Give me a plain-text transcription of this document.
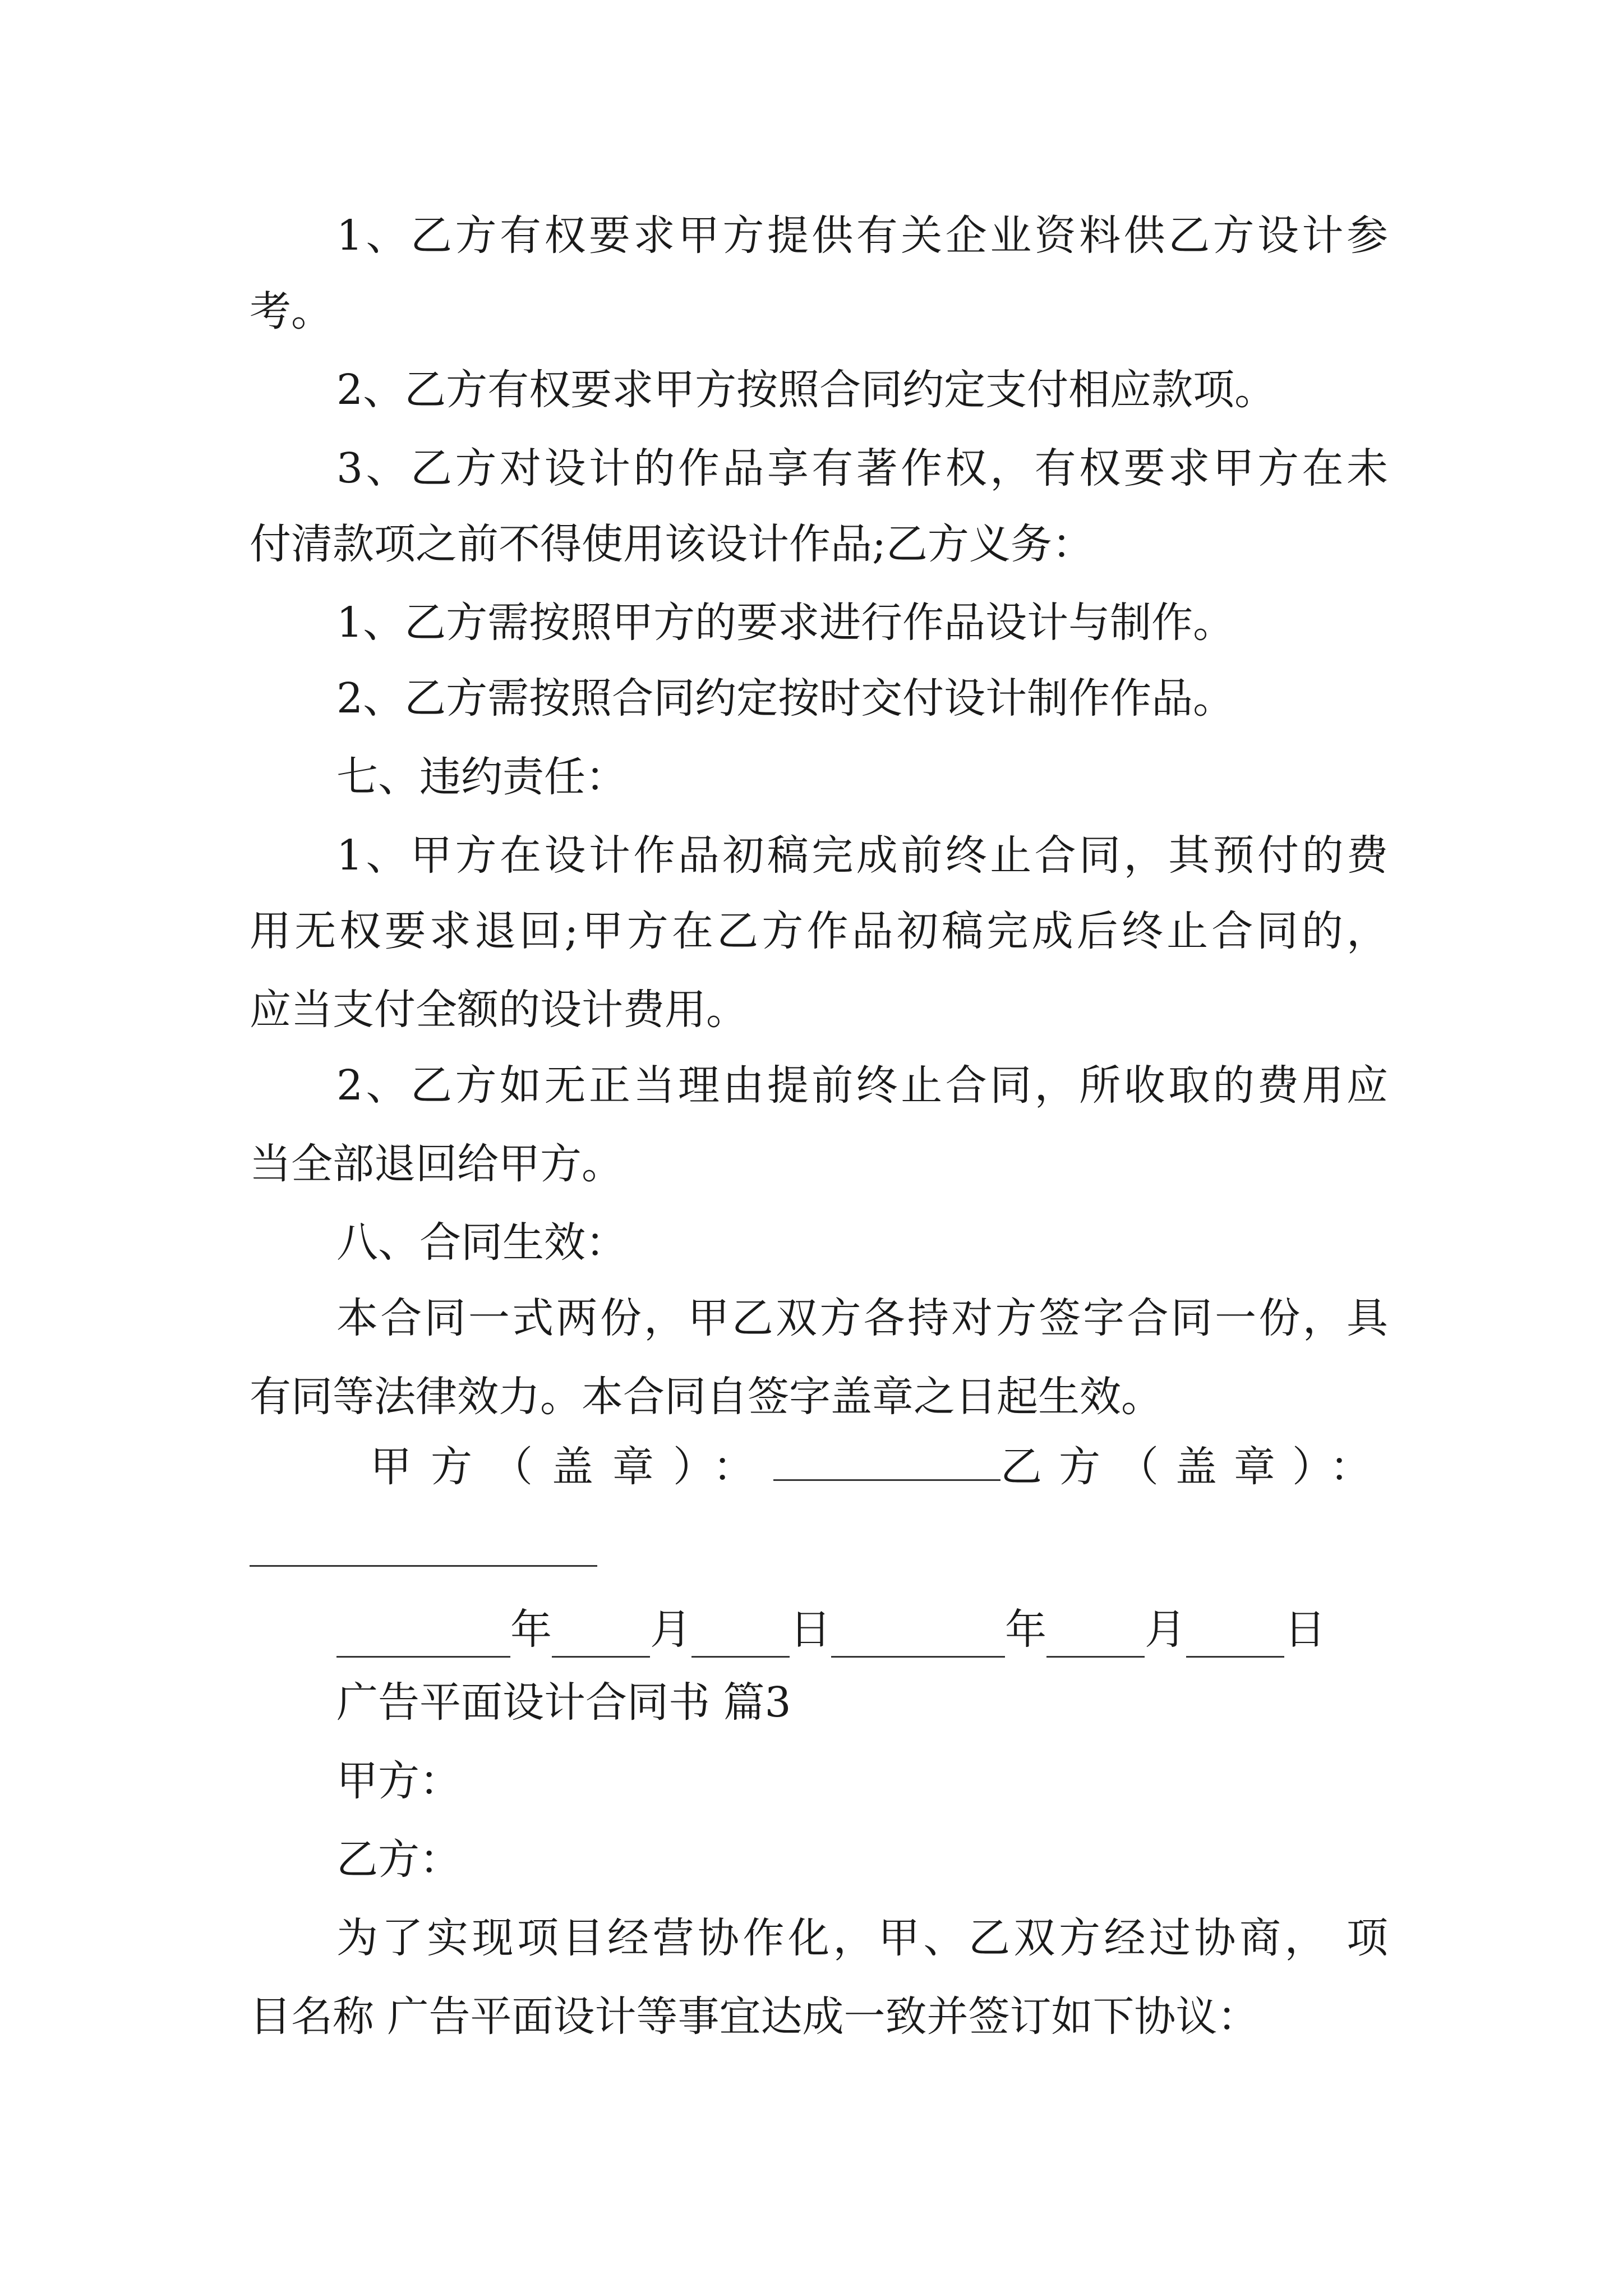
1、乙方有权要求甲方提供有关企业资料供乙方设计参
考。
2、乙方有权要求甲方按照合同约定支付相应款项。
3、乙方对设计的作品享有著作权，有权要求甲方在未
付清款项之前不得使用该设计作品;乙方义务：
1、乙方需按照甲方的要求进行作品设计与制作。
2、乙方需按照合同约定按时交付设计制作作品。
七、违约责任：
1、甲方在设计作品初稿完成前终止合同，其预付的费
用无权要求退回;甲方在乙方作品初稿完成后终止合同的，
应当支付全额的设计费用。
2、乙方如无正当理由提前终止合同，所收取的费用应
当全部退回给甲方。
八、合同生效：
本合同一式两份，甲乙双方各持对方签字合同一份，具
有同等法律效力。本合同自签字盖章之日起生效。
甲方（盖章）：	乙方（盖章）：
年 月 日	年 月 日
广告平面设计合同书 篇3
甲方：
乙方：
为了实现项目经营协作化，甲、乙双方经过协商， 项
目名称 广告平面设计等事宜达成一致并签订如下协议：
